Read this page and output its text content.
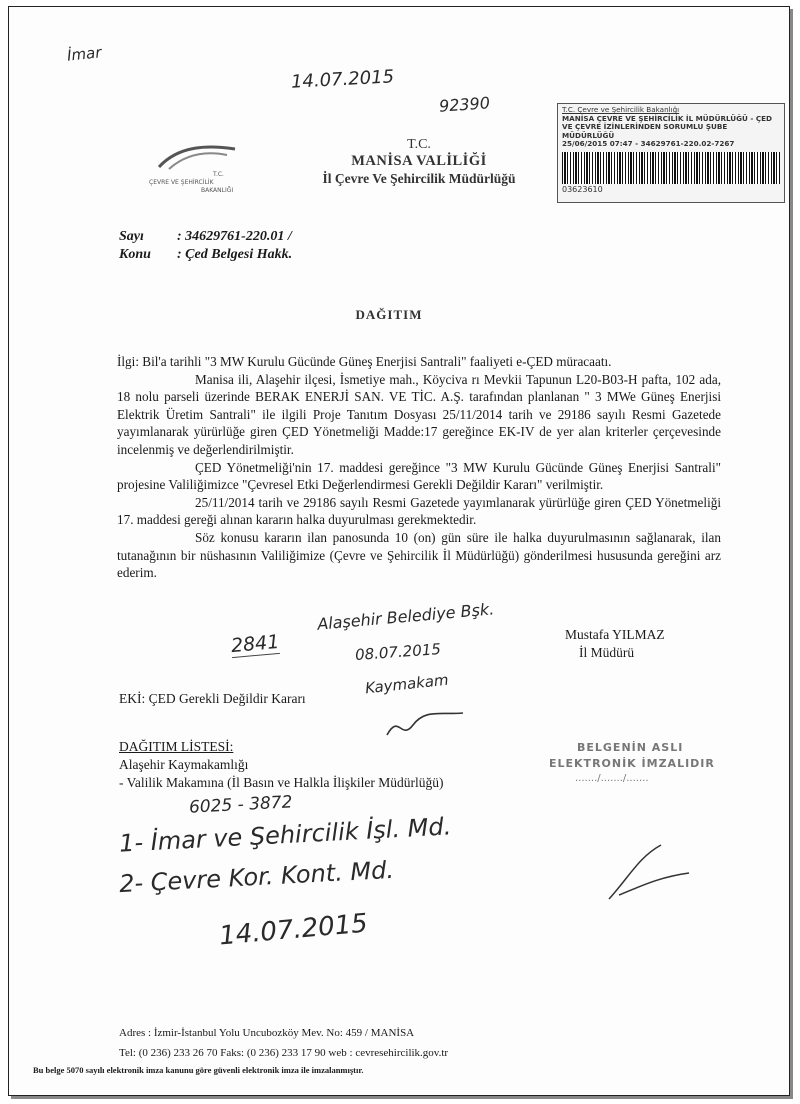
İmar
14.07.2015
92390	T.C. Çevre ve Şehircilik Bakanlığı
MANİSA ÇEVRE VE ŞEHİRCİLİK İL MÜDÜRLÜĞÜ - ÇED VE ÇEVRE İZİNLERİNDEN SORUMLU ŞUBE MÜDÜRLÜĞÜ
25/06/2015 07:47 - 34629761-220.02-7267
03623610
T.C.
ÇEVRE VE ŞEHİRCİLİK
BAKANLIĞI
T.C.
MANİSA VALİLİĞİ
İl Çevre Ve Şehircilik Müdürlüğü
Sayı : 34629761-220.01 /
Konu : Çed Belgesi Hakk.
DAĞITIM
İlgi: Bil'a tarihli "3 MW Kurulu Gücünde Güneş Enerjisi Santrali" faaliyeti e-ÇED müracaatı.
Manisa ili, Alaşehir ilçesi, İsmetiye mah., Köyciva rı Mevkii Tapunun L20-B03-H pafta, 102 ada, 18 nolu parseli üzerinde BERAK ENERJİ SAN. VE TİC. A.Ş. tarafından planlanan " 3 MWe Güneş Enerjisi Elektrik Üretim Santrali" ile ilgili Proje Tanıtım Dosyası 25/11/2014 tarih ve 29186 sayılı Resmi Gazetede yayımlanarak yürürlüğe giren ÇED Yönetmeliği Madde:17 gereğince EK-IV de yer alan kriterler çerçevesinde incelenmiş ve değerlendirilmiştir.
ÇED Yönetmeliği'nin 17. maddesi gereğince "3 MW Kurulu Gücünde Güneş Enerjisi Santrali" projesine Valiliğimizce "Çevresel Etki Değerlendirmesi Gerekli Değildir Kararı" verilmiştir.
25/11/2014 tarih ve 29186 sayılı Resmi Gazetede yayımlanarak yürürlüğe giren ÇED Yönetmeliği 17. maddesi gereği alınan kararın halka duyurulması gerekmektedir.
Söz konusu kararın ilan panosunda 10 (on) gün süre ile halka duyurulmasının sağlanarak, ilan tutanağının bir nüshasının Valiliğimize (Çevre ve Şehircilik İl Müdürlüğü) gönderilmesi hususunda gereğini arz ederim.
2841
Alaşehir Belediye Bşk.
08.07.2015
Kaymakam
Mustafa YILMAZ
İl Müdürü
EKİ: ÇED Gerekli Değildir Kararı
DAĞITIM LİSTESİ:
Alaşehir Kaymakamlığı
- Valilik Makamına (İl Basın ve Halkla İlişkiler Müdürlüğü)
BELGENİN ASLI
ELEKTRONİK İMZALIDIR
......./......./.......
6025 - 3872
1- İmar ve Şehircilik İşl. Md.
2- Çevre Kor. Kont. Md.
14.07.2015
Adres : İzmir-İstanbul Yolu Uncubozköy Mev. No: 459 / MANİSA
Tel: (0 236) 233 26 70 Faks: (0 236) 233 17 90 web : cevresehircilik.gov.tr
Bu belge 5070 sayılı elektronik imza kanunu göre güvenli elektronik imza ile imzalanmıştır.
